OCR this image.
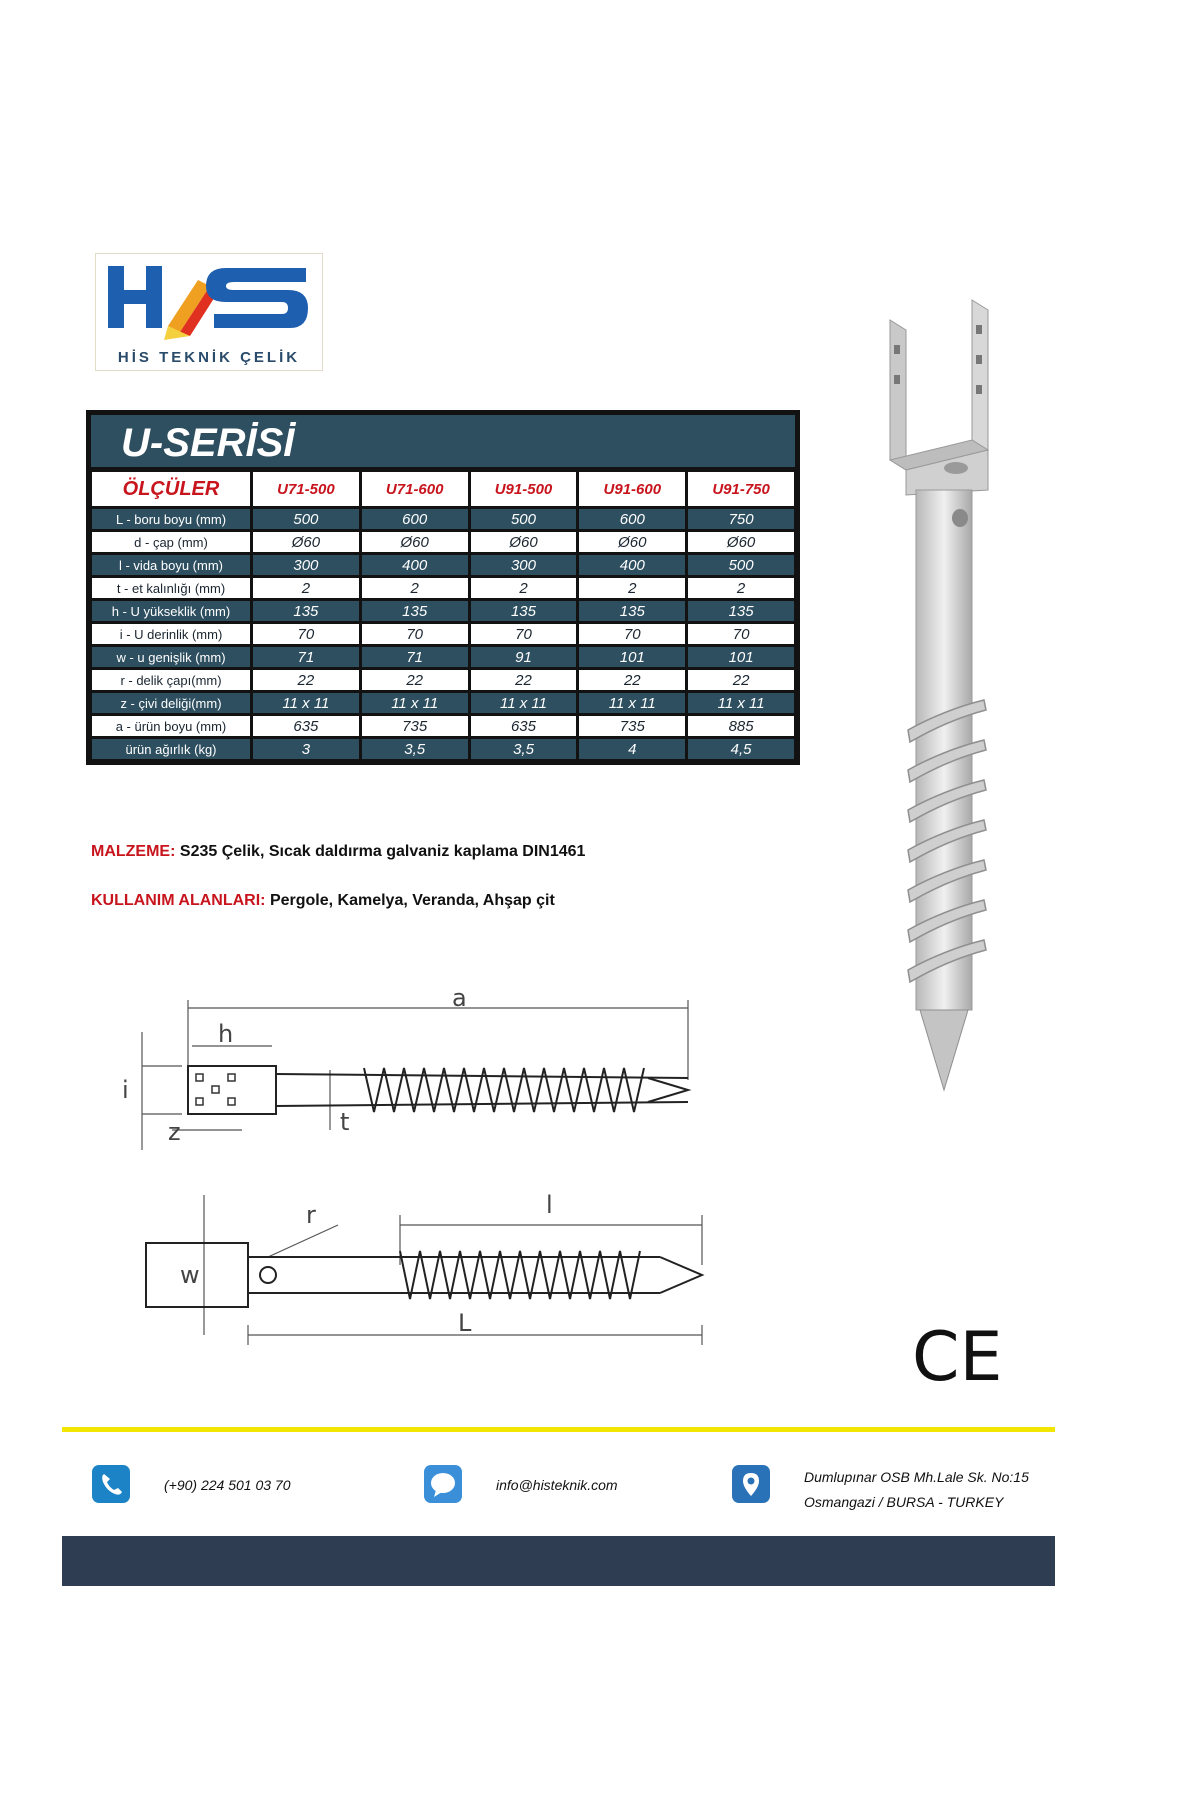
HİS TEKNİK ÇELİK
U-SERİSİ
ÖLÇÜLER	U71-500	U71-600	U91-500	U91-600	U91-750
L - boru boyu (mm)	500	600	500	600	750
d - çap (mm)	Ø60	Ø60	Ø60	Ø60	Ø60
l - vida boyu (mm)	300	400	300	400	500
t - et kalınlığı (mm)	2	2	2	2	2
h - U yükseklik (mm)	135	135	135	135	135
i - U derinlik (mm)	70	70	70	70	70
w - u genişlik (mm)	71	71	91	101	101
r - delik çapı(mm)	22	22	22	22	22
z - çivi deliği(mm)	11 x 11	11 x 11	11 x 11	11 x 11	11 x 11
a - ürün boyu (mm)	635	735	635	735	885
ürün ağırlık (kg)	3	3,5	3,5	4	4,5
MALZEME: S235 Çelik, Sıcak daldırma galvaniz kaplama DIN1461
KULLANIM ALANLARI: Pergole, Kamelya, Veranda, Ahşap çit
a
h
i
z	t
r
w
l
L	CE
(+90) 224 501 03 70	info@histeknik.com	Dumlupınar OSB Mh.Lale Sk. No:15
Osmangazi / BURSA - TURKEY
